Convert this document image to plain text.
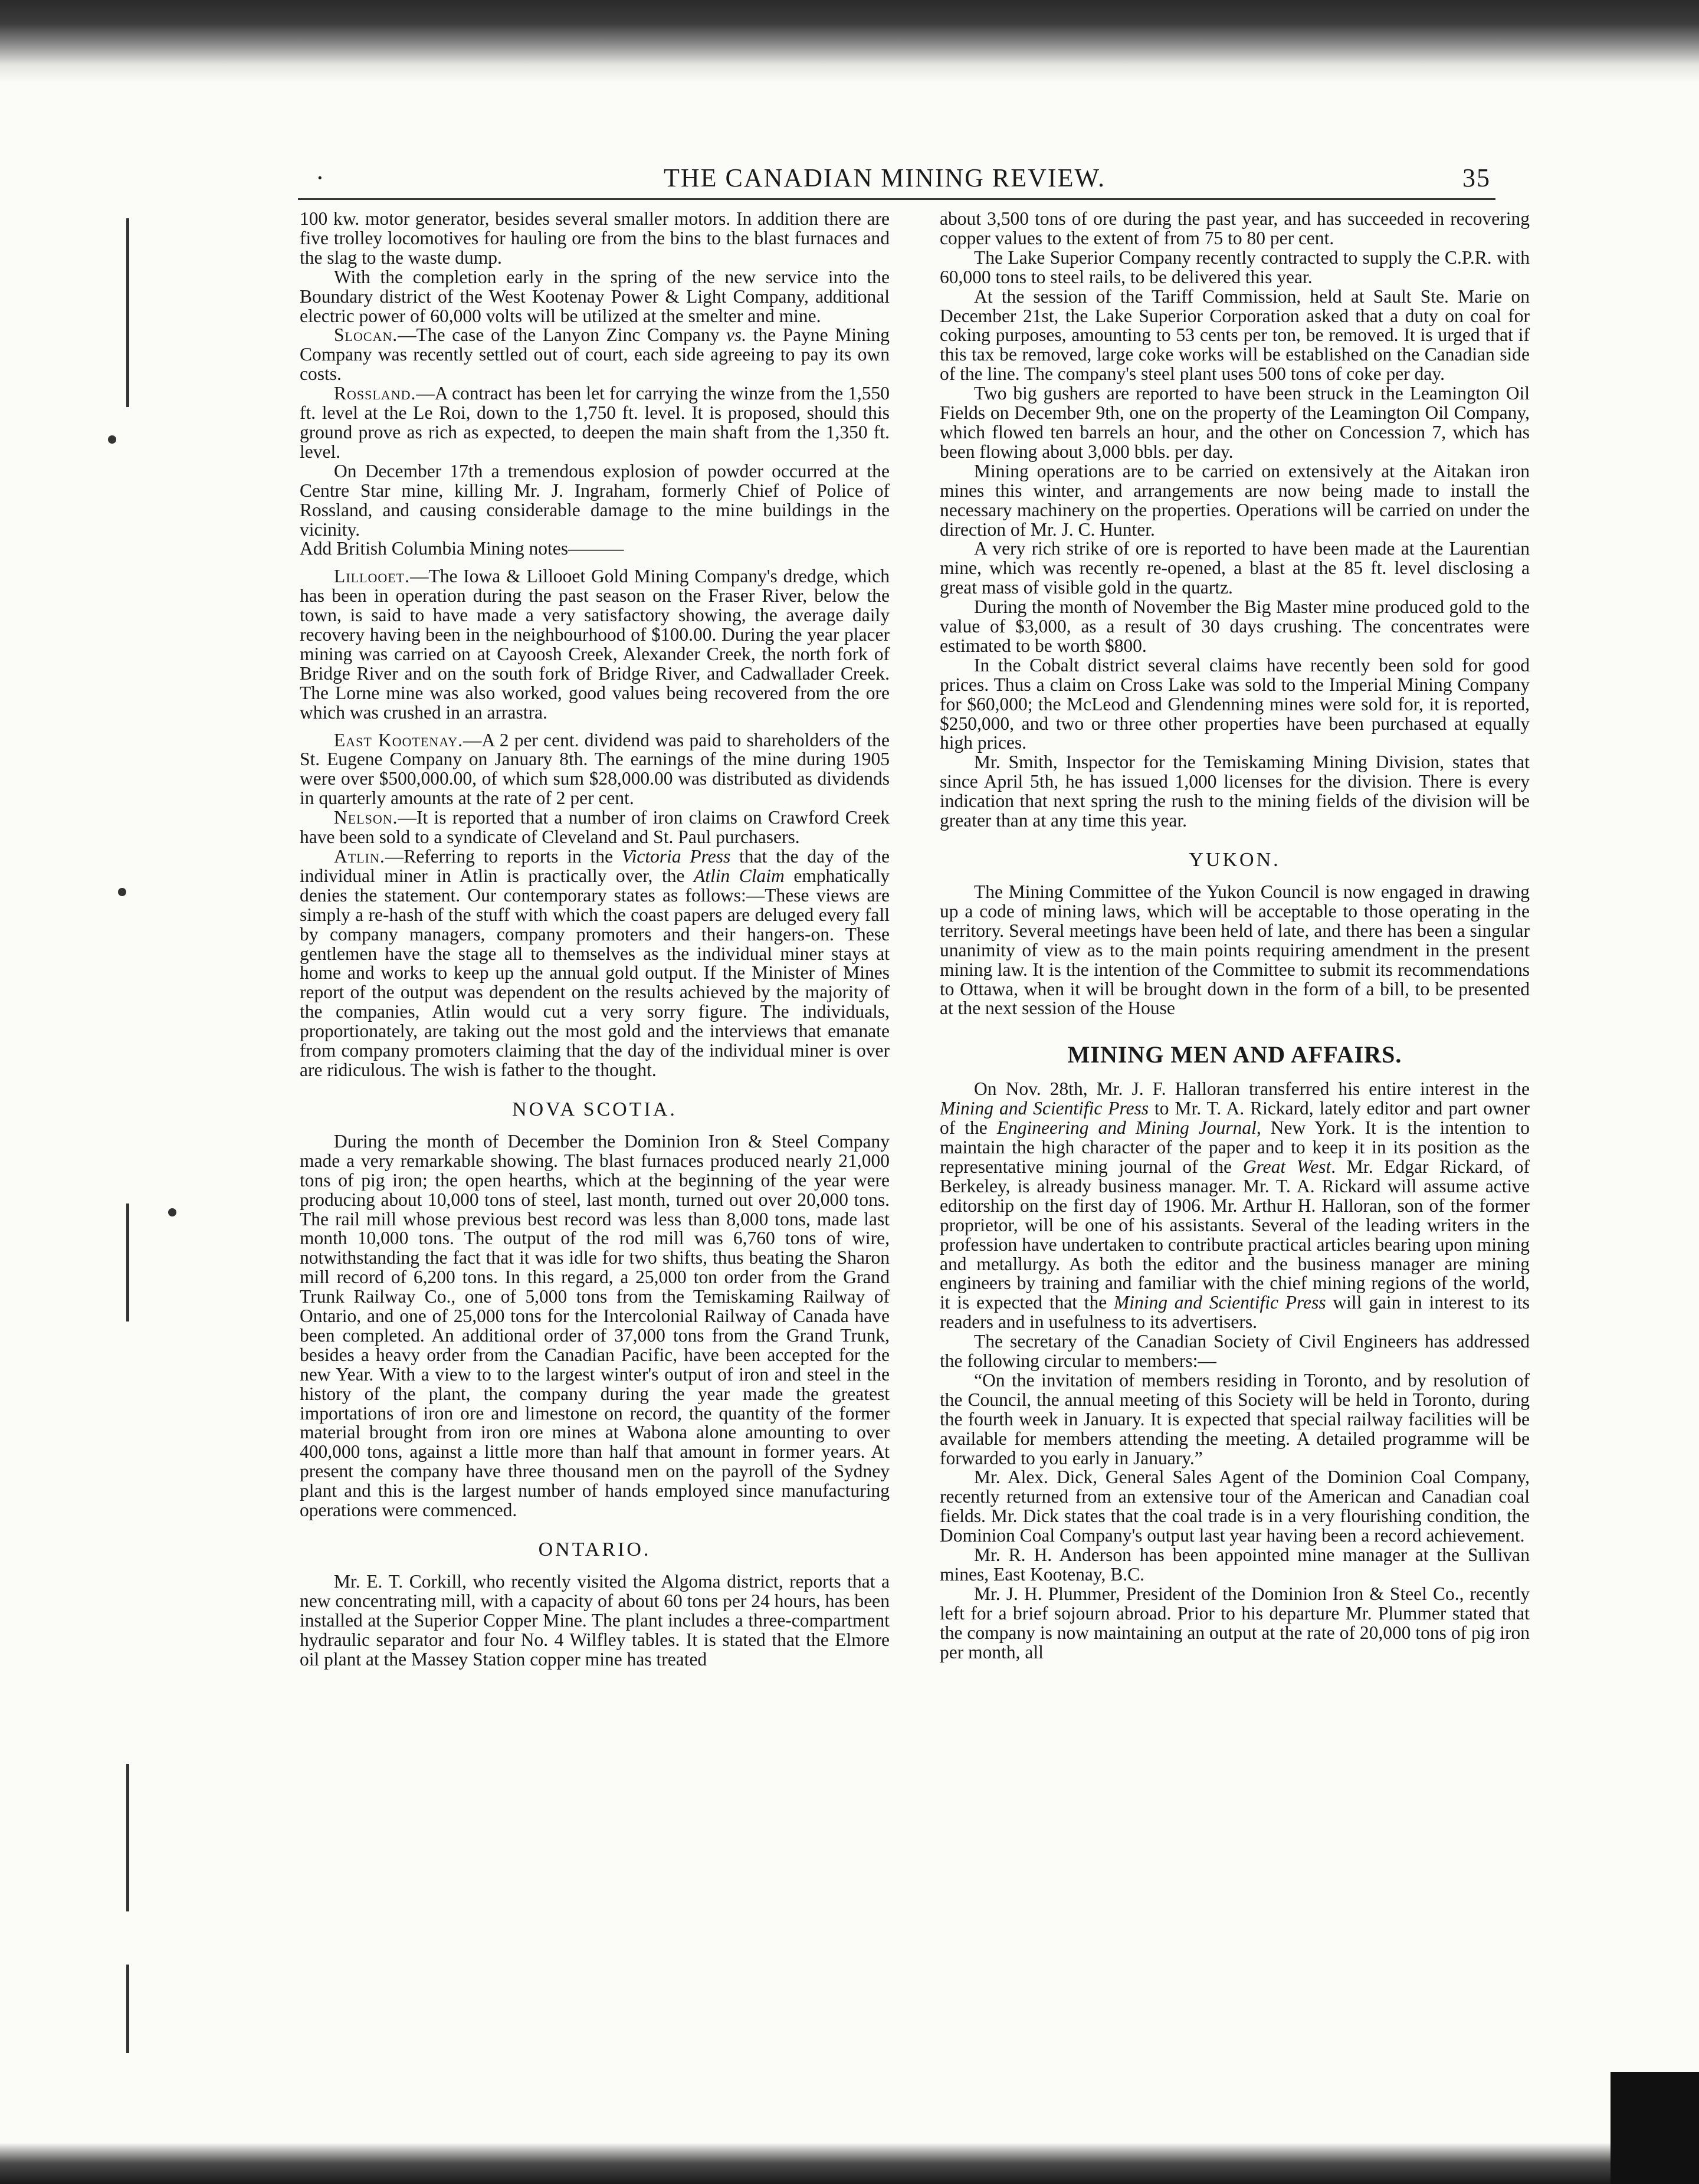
·	THE CANADIAN MINING REVIEW.	35

100 kw. motor generator, besides several smaller motors. In addition there are five trolley locomotives for hauling ore from the bins to the blast furnaces and the slag to the waste dump.

With the completion early in the spring of the new service into the Boundary district of the West Kootenay Power & Light Company, additional electric power of 60,000 volts will be utilized at the smelter and mine.

Slocan.—The case of the Lanyon Zinc Company vs. the Payne Mining Company was recently settled out of court, each side agreeing to pay its own costs.

Rossland.—A contract has been let for carrying the winze from the 1,550 ft. level at the Le Roi, down to the 1,750 ft. level. It is proposed, should this ground prove as rich as expected, to deepen the main shaft from the 1,350 ft. level.

On December 17th a tremendous explosion of powder occurred at the Centre Star mine, killing Mr. J. Ingraham, formerly Chief of Police of Rossland, and causing considerable damage to the mine buildings in the vicinity.

Add British Columbia Mining notes———

Lillooet.—The Iowa & Lillooet Gold Mining Company's dredge, which has been in operation during the past season on the Fraser River, below the town, is said to have made a very satisfactory showing, the average daily recovery having been in the neighbourhood of $100.00. During the year placer mining was carried on at Cayoosh Creek, Alexander Creek, the north fork of Bridge River and on the south fork of Bridge River, and Cadwallader Creek. The Lorne mine was also worked, good values being recovered from the ore which was crushed in an arrastra.

East Kootenay.—A 2 per cent. dividend was paid to shareholders of the St. Eugene Company on January 8th. The earnings of the mine during 1905 were over $500,000.00, of which sum $28,000.00 was distributed as dividends in quarterly amounts at the rate of 2 per cent.

Nelson.—It is reported that a number of iron claims on Crawford Creek have been sold to a syndicate of Cleveland and St. Paul purchasers.

Atlin.—Referring to reports in the Victoria Press that the day of the individual miner in Atlin is practically over, the Atlin Claim emphatically denies the statement. Our contemporary states as follows:—These views are simply a re-hash of the stuff with which the coast papers are deluged every fall by company managers, company promoters and their hangers-on. These gentlemen have the stage all to themselves as the individual miner stays at home and works to keep up the annual gold output. If the Minister of Mines report of the output was dependent on the results achieved by the majority of the companies, Atlin would cut a very sorry figure. The individuals, proportionately, are taking out the most gold and the interviews that emanate from company promoters claiming that the day of the individual miner is over are ridiculous. The wish is father to the thought.

NOVA SCOTIA.

During the month of December the Dominion Iron & Steel Company made a very remarkable showing. The blast furnaces produced nearly 21,000 tons of pig iron; the open hearths, which at the beginning of the year were producing about 10,000 tons of steel, last month, turned out over 20,000 tons. The rail mill whose previous best record was less than 8,000 tons, made last month 10,000 tons. The output of the rod mill was 6,760 tons of wire, notwithstanding the fact that it was idle for two shifts, thus beating the Sharon mill record of 6,200 tons. In this regard, a 25,000 ton order from the Grand Trunk Railway Co., one of 5,000 tons from the Temiskaming Railway of Ontario, and one of 25,000 tons for the Intercolonial Railway of Canada have been completed. An additional order of 37,000 tons from the Grand Trunk, besides a heavy order from the Canadian Pacific, have been accepted for the new Year. With a view to to the largest winter's output of iron and steel in the history of the plant, the company during the year made the greatest importations of iron ore and limestone on record, the quantity of the former material brought from iron ore mines at Wabona alone amounting to over 400,000 tons, against a little more than half that amount in former years. At present the company have three thousand men on the payroll of the Sydney plant and this is the largest number of hands employed since manufacturing operations were commenced.

ONTARIO.

Mr. E. T. Corkill, who recently visited the Algoma district, reports that a new concentrating mill, with a capacity of about 60 tons per 24 hours, has been installed at the Superior Copper Mine. The plant includes a three-compartment hydraulic separator and four No. 4 Wilfley tables. It is stated that the Elmore oil plant at the Massey Station copper mine has treated

about 3,500 tons of ore during the past year, and has succeeded in recovering copper values to the extent of from 75 to 80 per cent.

The Lake Superior Company recently contracted to supply the C.P.R. with 60,000 tons to steel rails, to be delivered this year.

At the session of the Tariff Commission, held at Sault Ste. Marie on December 21st, the Lake Superior Corporation asked that a duty on coal for coking purposes, amounting to 53 cents per ton, be removed. It is urged that if this tax be removed, large coke works will be established on the Canadian side of the line. The company's steel plant uses 500 tons of coke per day.

Two big gushers are reported to have been struck in the Leamington Oil Fields on December 9th, one on the property of the Leamington Oil Company, which flowed ten barrels an hour, and the other on Concession 7, which has been flowing about 3,000 bbls. per day.

Mining operations are to be carried on extensively at the Aitakan iron mines this winter, and arrangements are now being made to install the necessary machinery on the properties. Operations will be carried on under the direction of Mr. J. C. Hunter.

A very rich strike of ore is reported to have been made at the Laurentian mine, which was recently re-opened, a blast at the 85 ft. level disclosing a great mass of visible gold in the quartz.

During the month of November the Big Master mine produced gold to the value of $3,000, as a result of 30 days crushing. The concentrates were estimated to be worth $800.

In the Cobalt district several claims have recently been sold for good prices. Thus a claim on Cross Lake was sold to the Imperial Mining Company for $60,000; the McLeod and Glendenning mines were sold for, it is reported, $250,000, and two or three other properties have been purchased at equally high prices.

Mr. Smith, Inspector for the Temiskaming Mining Division, states that since April 5th, he has issued 1,000 licenses for the division. There is every indication that next spring the rush to the mining fields of the division will be greater than at any time this year.

YUKON.

The Mining Committee of the Yukon Council is now engaged in drawing up a code of mining laws, which will be acceptable to those operating in the territory. Several meetings have been held of late, and there has been a singular unanimity of view as to the main points requiring amendment in the present mining law. It is the intention of the Committee to submit its recommendations to Ottawa, when it will be brought down in the form of a bill, to be presented at the next session of the House

MINING MEN AND AFFAIRS.

On Nov. 28th, Mr. J. F. Halloran transferred his entire interest in the Mining and Scientific Press to Mr. T. A. Rickard, lately editor and part owner of the Engineering and Mining Journal, New York. It is the intention to maintain the high character of the paper and to keep it in its position as the representative mining journal of the Great West. Mr. Edgar Rickard, of Berkeley, is already business manager. Mr. T. A. Rickard will assume active editorship on the first day of 1906. Mr. Arthur H. Halloran, son of the former proprietor, will be one of his assistants. Several of the leading writers in the profession have undertaken to contribute practical articles bearing upon mining and metallurgy. As both the editor and the business manager are mining engineers by training and familiar with the chief mining regions of the world, it is expected that the Mining and Scientific Press will gain in interest to its readers and in usefulness to its advertisers.

The secretary of the Canadian Society of Civil Engineers has addressed the following circular to members:—

“On the invitation of members residing in Toronto, and by resolution of the Council, the annual meeting of this Society will be held in Toronto, during the fourth week in January. It is expected that special railway facilities will be available for members attending the meeting. A detailed programme will be forwarded to you early in January.”

Mr. Alex. Dick, General Sales Agent of the Dominion Coal Company, recently returned from an extensive tour of the American and Canadian coal fields. Mr. Dick states that the coal trade is in a very flourishing condition, the Dominion Coal Company's output last year having been a record achievement.

Mr. R. H. Anderson has been appointed mine manager at the Sullivan mines, East Kootenay, B.C.

Mr. J. H. Plummer, President of the Dominion Iron & Steel Co., recently left for a brief sojourn abroad. Prior to his departure Mr. Plummer stated that the company is now maintaining an output at the rate of 20,000 tons of pig iron per month, all
